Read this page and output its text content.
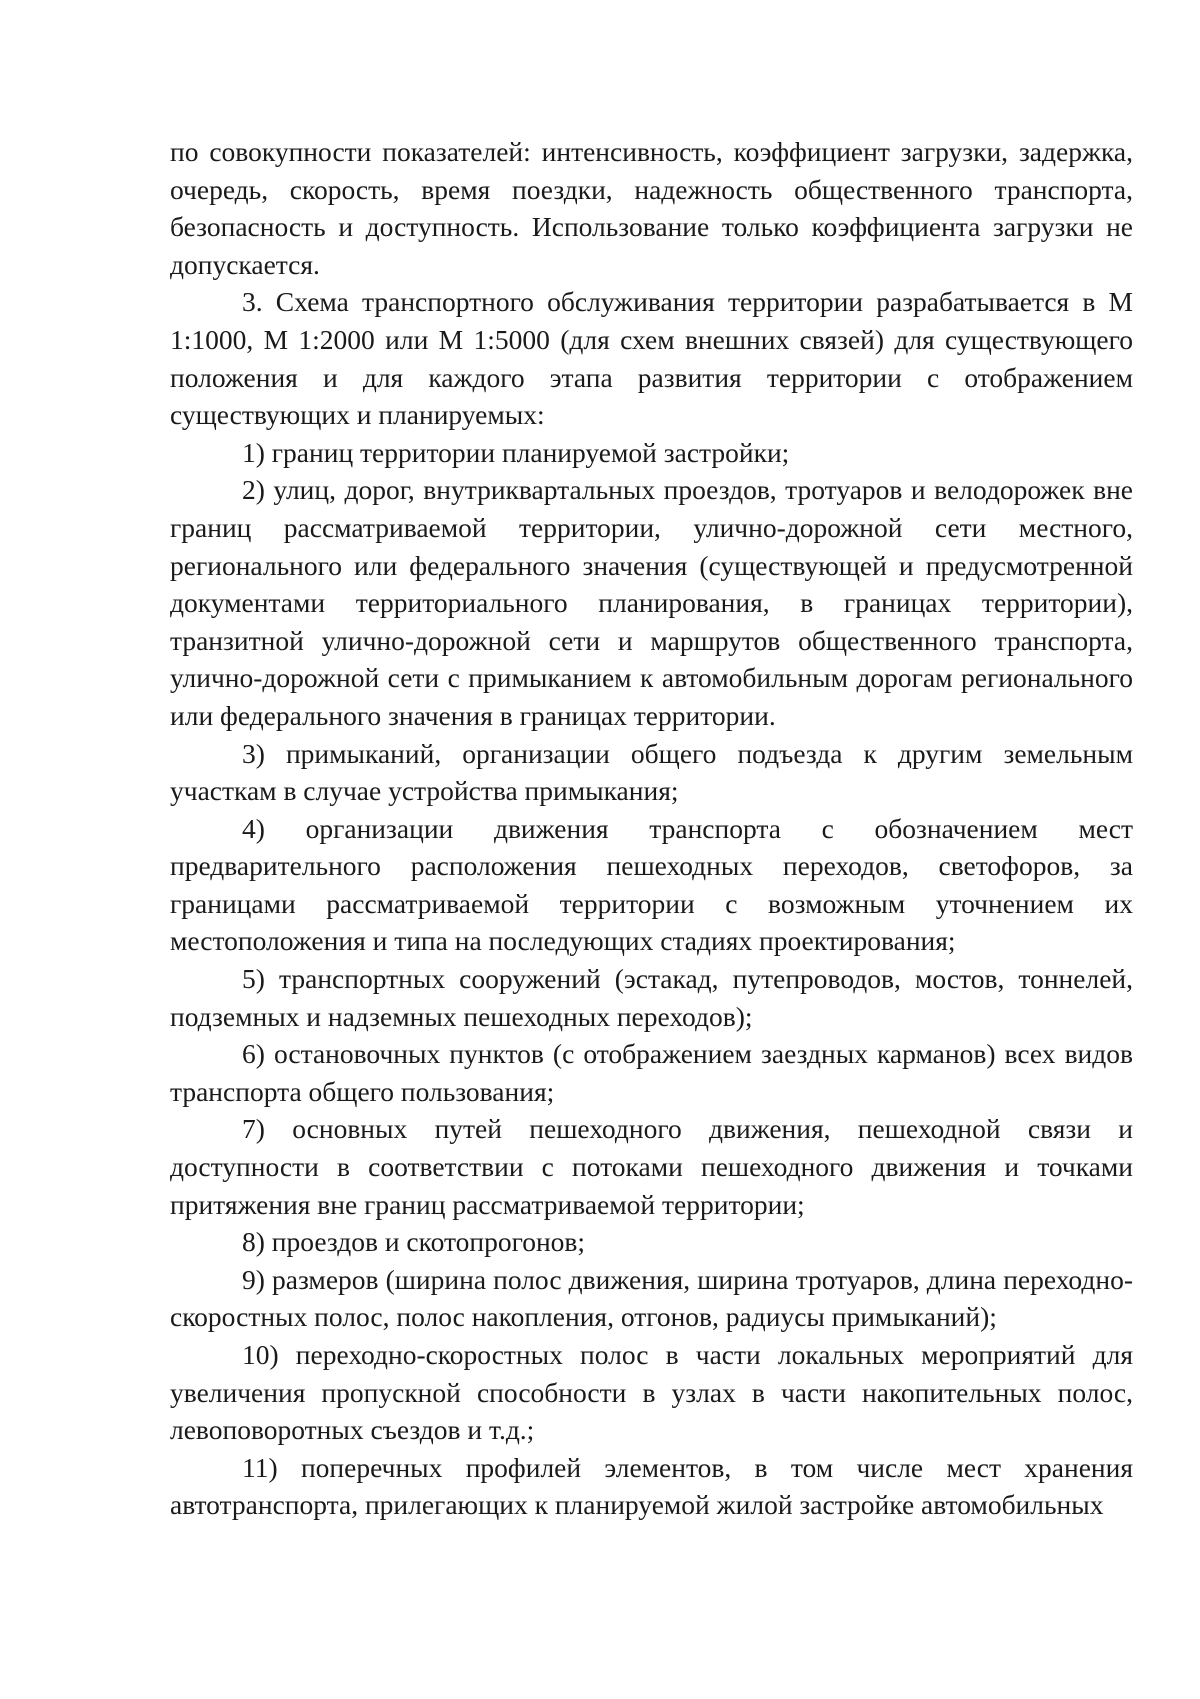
по совокупности показателей: интенсивность, коэффициент загрузки, задержка, очередь, скорость, время поездки, надежность общественного транспорта, безопасность и доступность. Использование только коэффициента загрузки не допускается.

3. Схема транспортного обслуживания территории разрабатывается в М 1:1000, М 1:2000 или М 1:5000 (для схем внешних связей) для существующего положения и для каждого этапа развития территории с отображением существующих и планируемых:

1) границ территории планируемой застройки;

2) улиц, дорог, внутриквартальных проездов, тротуаров и велодорожек вне границ рассматриваемой территории, улично-дорожной сети местного, регионального или федерального значения (существующей и предусмотренной документами территориального планирования, в границах территории), транзитной улично-дорожной сети и маршрутов общественного транспорта, улично-дорожной сети с примыканием к автомобильным дорогам регионального или федерального значения в границах территории.

3) примыканий, организации общего подъезда к другим земельным участкам в случае устройства примыкания;

4) организации движения транспорта с обозначением мест предварительного расположения пешеходных переходов, светофоров, за границами рассматриваемой территории с возможным уточнением их местоположения и типа на последующих стадиях проектирования;

5) транспортных сооружений (эстакад, путепроводов, мостов, тоннелей, подземных и надземных пешеходных переходов);

6) остановочных пунктов (с отображением заездных карманов) всех видов транспорта общего пользования;

7) основных путей пешеходного движения, пешеходной связи и доступности в соответствии с потоками пешеходного движения и точками притяжения вне границ рассматриваемой территории;

8) проездов и скотопрогонов;

9) размеров (ширина полос движения, ширина тротуаров, длина переходно-скоростных полос, полос накопления, отгонов, радиусы примыканий);

10) переходно-скоростных полос в части локальных мероприятий для увеличения пропускной способности в узлах в части накопительных полос, левоповоротных съездов и т.д.;

11) поперечных профилей элементов, в том числе мест хранения автотранспорта, прилегающих к планируемой жилой застройке автомобильных
